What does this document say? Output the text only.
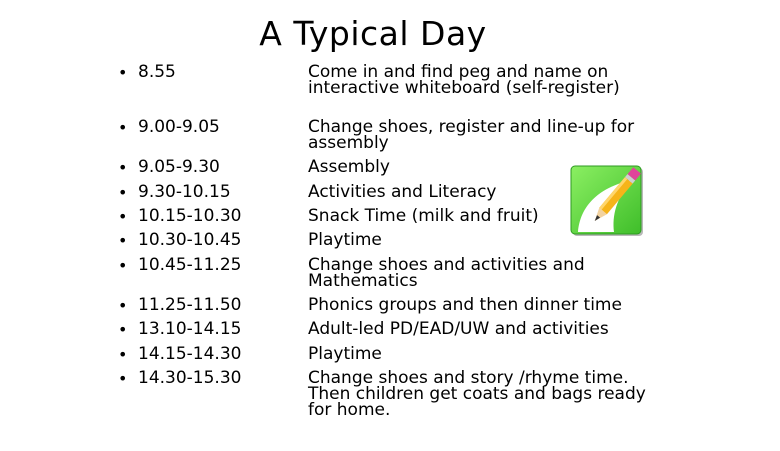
A Typical Day
• 8.55	Come in and find peg and name on interactive whiteboard (self-register)
• 9.00-9.05	Change shoes, register and line-up for assembly
• 9.05-9.30	Assembly
• 9.30-10.15	Activities and Literacy
• 10.15-10.30	Snack Time (milk and fruit)
• 10.30-10.45	Playtime
• 10.45-11.25	Change shoes and activities and Mathematics
• 11.25-11.50	Phonics groups and then dinner time
• 13.10-14.15	Adult-led PD/EAD/UW and activities
• 14.15-14.30	Playtime
• 14.30-15.30	Change shoes and story /rhyme time. Then children get coats and bags ready for home.
